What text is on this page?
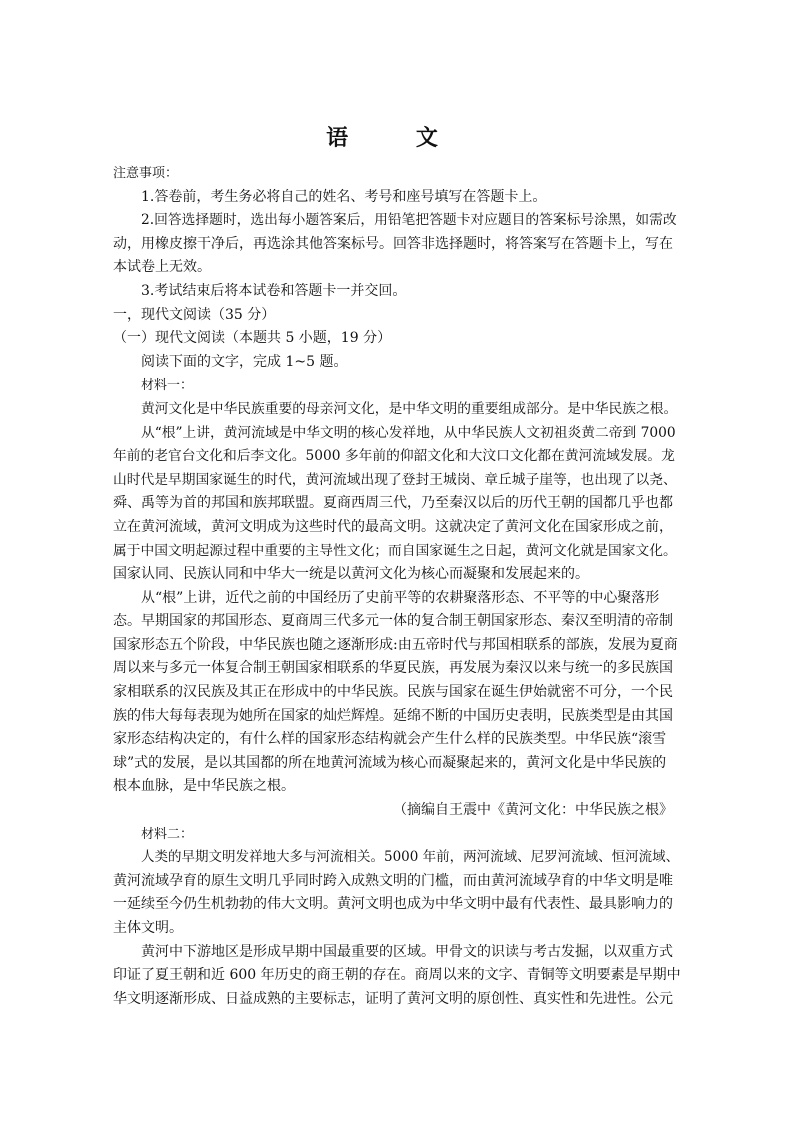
语 文
注意事项：
1.答卷前，考生务必将自己的姓名、考号和座号填写在答题卡上。
2.回答选择题时，选出每小题答案后，用铅笔把答题卡对应题目的答案标号涂黑，如需改
动，用橡皮擦干净后，再选涂其他答案标号。回答非选择题时，将答案写在答题卡上，写在
本试卷上无效。
3.考试结束后将本试卷和答题卡一并交回。
一，现代文阅读（35 分）
（一）现代文阅读（本题共 5 小题，19 分）
阅读下面的文字，完成 1~5 题。
材料一：
黄河文化是中华民族重要的母亲河文化，是中华文明的重要组成部分。是中华民族之根。
从“根”上讲，黄河流域是中华文明的核心发祥地，从中华民族人文初祖炎黄二帝到 7000
年前的老官台文化和后李文化。5000 多年前的仰韶文化和大汶口文化都在黄河流域发展。龙
山时代是早期国家诞生的时代，黄河流域出现了登封王城岗、章丘城子崖等，也出现了以尧、
舜、禹等为首的邦国和族邦联盟。夏商西周三代，乃至秦汉以后的历代王朝的国都几乎也都
立在黄河流域，黄河文明成为这些时代的最高文明。这就决定了黄河文化在国家形成之前，
属于中国文明起源过程中重要的主导性文化；而自国家诞生之日起，黄河文化就是国家文化。
国家认同、民族认同和中华大一统是以黄河文化为核心而凝聚和发展起来的。
从“根”上讲，近代之前的中国经历了史前平等的农耕聚落形态、不平等的中心聚落形
态。早期国家的邦国形态、夏商周三代多元一体的复合制王朝国家形态、秦汉至明清的帝制
国家形态五个阶段，中华民族也随之逐渐形成:由五帝时代与邦国相联系的部族，发展为夏商
周以来与多元一体复合制王朝国家相联系的华夏民族，再发展为秦汉以来与统一的多民族国
家相联系的汉民族及其正在形成中的中华民族。民族与国家在诞生伊始就密不可分，一个民
族的伟大每每表现为她所在国家的灿烂辉煌。延绵不断的中国历史表明，民族类型是由其国
家形态结构决定的，有什么样的国家形态结构就会产生什么样的民族类型。中华民族“滚雪
球”式的发展，是以其国都的所在地黄河流域为核心而凝聚起来的，黄河文化是中华民族的
根本血脉，是中华民族之根。
（摘编自王震中《黄河文化：中华民族之根》
材料二：
人类的早期文明发祥地大多与河流相关。5000 年前，两河流域、尼罗河流域、恒河流域、
黄河流域孕育的原生文明几乎同时跨入成熟文明的门槛，而由黄河流域孕育的中华文明是唯
一延续至今仍生机勃勃的伟大文明。黄河文明也成为中华文明中最有代表性、最具影响力的
主体文明。
黄河中下游地区是形成早期中国最重要的区域。甲骨文的识读与考古发掘，以双重方式
印证了夏王朝和近 600 年历史的商王朝的存在。商周以来的文字、青铜等文明要素是早期中
华文明逐渐形成、日益成熟的主要标志，证明了黄河文明的原创性、真实性和先进性。公元
